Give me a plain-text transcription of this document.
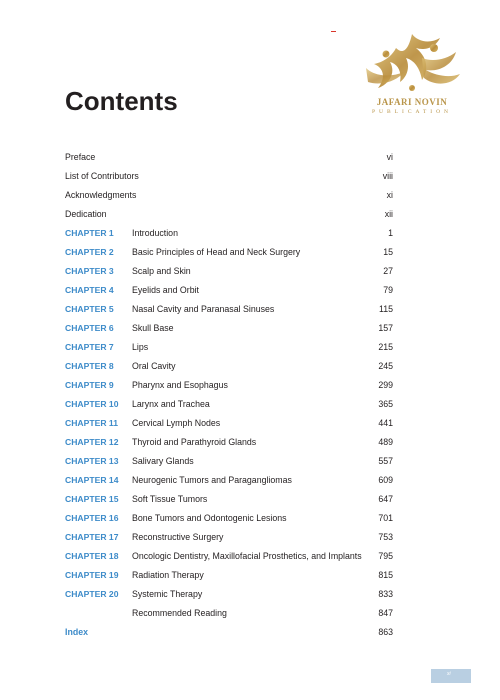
JAFARI NOVIN
PUBLICATION
Contents
Preface	vi
List of Contributors	viii
Acknowledgments	xi
Dedication	xii
CHAPTER 1 Introduction	1
CHAPTER 2 Basic Principles of Head and Neck Surgery	15
CHAPTER 3 Scalp and Skin	27
CHAPTER 4 Eyelids and Orbit	79
CHAPTER 5 Nasal Cavity and Paranasal Sinuses	115
CHAPTER 6 Skull Base	157
CHAPTER 7 Lips	215
CHAPTER 8 Oral Cavity	245
CHAPTER 9 Pharynx and Esophagus	299
CHAPTER 10 Larynx and Trachea	365
CHAPTER 11 Cervical Lymph Nodes	441
CHAPTER 12 Thyroid and Parathyroid Glands	489
CHAPTER 13 Salivary Glands	557
CHAPTER 14 Neurogenic Tumors and Paragangliomas	609
CHAPTER 15 Soft Tissue Tumors	647
CHAPTER 16 Bone Tumors and Odontogenic Lesions	701
CHAPTER 17 Reconstructive Surgery	753
CHAPTER 18 Oncologic Dentistry, Maxillofacial Prosthetics, and Implants 795
CHAPTER 19 Radiation Therapy	815
CHAPTER 20 Systemic Therapy	833
Recommended Reading	847
Index	863
xi
